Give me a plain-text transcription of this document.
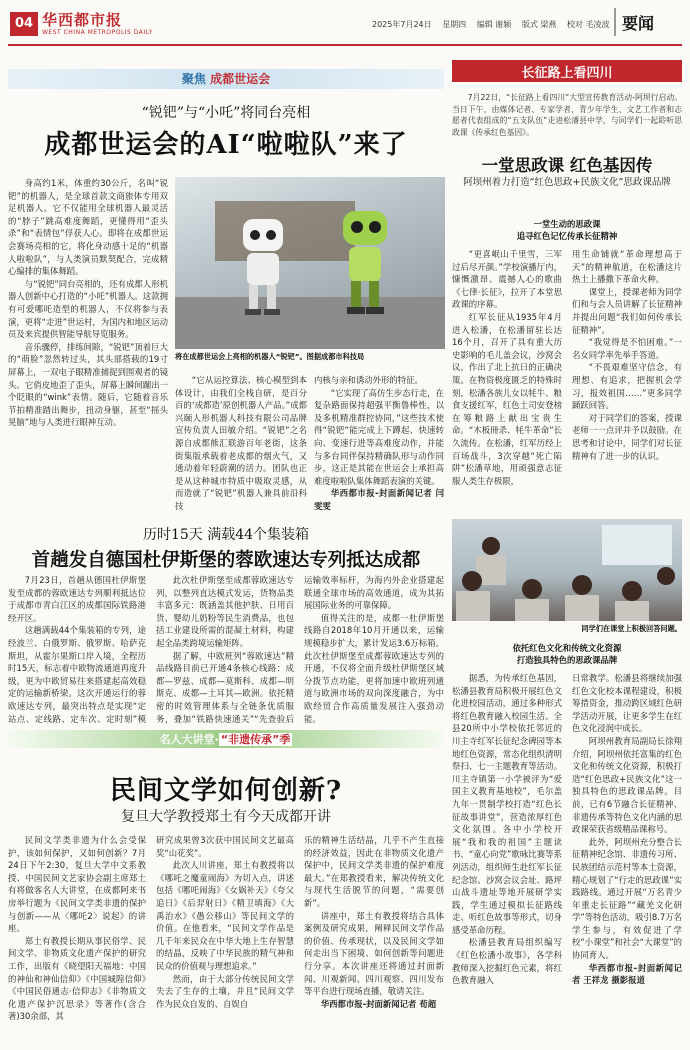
04 华西都市报
WEST CHINA METROPOLIS DAILY
2025年7月24日 星期四 编辑 谢颖 版式 梁燕 校对 毛凌波 要闻
聚焦 成都世运会
“锐钯”与“小吒”将同台亮相
成都世运会的AI“啦啦队”来了

身高约1米，体重约30公斤，名叫“锐钯”的机器人，是全球首款文商旅体专用双足机器人。它不仅能用全球机器人最灵活的“脖子”跳高难度舞蹈，更懂得用“歪头杀”和“表情包”俘获人心。即将在成都世运会赛场亮相的它，将化身动感十足的“机器人啦啦队”，与人类演员默契配合，完成精心编排的集体舞蹈。

与“锐钯”同台亮相的，还有成都人形机器人创新中心打造的“小吒”机器人。这款拥有可爱哪吒造型的机器人，不仅将参与表演，更将“走进”世运村，为国内和地区运动员及来宾提供智能导航导览服务。

音乐骤停，排练间隙，“锐钯”顶着巨大的“萌脸”忽然转过头，其头部搭载的19寸屏幕上，一双电子眼精准捕捉到围观者的镜头。它俏皮地歪了歪头，屏幕上瞬间蹦出一个眨眼的“wink”表情。随后，它随着音乐节拍精准踏出舞步，扭动身躯，甚至“摇头晃脑”地与人类进行眼神互动。

将在成都世运会上亮相的机器人“锐钯”。图据成都市科技局

“它从运控算法、核心模型到本体设计，由我们全栈自研，是百分百的‘成都造’原创机器人产品。”成都兴颐人形机器人科技有限公司品牌宣传负责人田敏介绍。“锐钯”之名源自成都熊汇联游百年老街，这条街集版承载着老成都的烟火气，又通动着年轻蔚潮的活力。团队也正是从这种城市特质中吸取灵感，从而造就了“锐钯”机器人兼具前沿科技

内核与亲和诱动外形的特征。

“它实现了高仿生步态行走，在复杂路面保持超强平衡鲁棒性，以及多机精准群控协同，”这些技术使得“锐钯”能完成上下蹲起、快速转向、变速行进等高难度动作，并能与多台同伴保持精确队形与动作同步，这正是其能在世运会上承担高难度啦啦队集体舞蹈表演的关键。

华西都市报-封面新闻记者 闫雯雯

历时15天 满载44个集装箱
首趟发自德国杜伊斯堡的蓉欧速达专列抵达成都

7月23日，首趟从德国杜伊斯堡发至成都的蓉欧速达专列顺利抵达位于成都市青白江区的成都国际铁路港经开区。

这趟满载44个集装箱的专列，途经波兰、白俄罗斯、俄罗斯、哈萨克斯坦，从霍尔果斯口岸入境，全程历时15天，标志着中欧物流通道再度升级，更为中欧贸易往来搭建起高效稳定的运输新桥梁。这次开通运行的蓉欧速达专列，最突出特点是实现“定站点、定线路、定车次、定时刻”模

此次杜伊斯堡至成都蓉欧速达专列，以整列直达模式发运，货物品类丰富多元：既涵盖其他护肤、日用百货、婴幼儿奶粉等民生消费品，也包括工业建设所需的混凝土材料，构建起全品类跨境运输矩阵。

据了解，中欧班列“蓉欧速达”精品线路目前已开通4条核心线路：成都—罗兹、成都—莫斯科、成都—明斯克、成都—土耳其—欧洲。依托精密的时效管理体系与全链条优质服务，叠加“铁路快速通关”“先查验后

运输效率标杆，为海内外企业搭建起联通全球市场的高效通道，成为其拓展国际业务的可靠保障。

值得关注的是，成都一杜伊斯堡线路自2018年10月开通以来，运输规模稳步扩大，累计发运3.6万标箱。此次杜伊斯堡至成都蓉欧速达专列的开通，不仅将全面升级杜伊斯堡区域分拨节点功能，更将加速中欧班列通道与欧洲市场的双向深度融合，为中欧经贸合作高质量发展注入强劲动能。

名人大讲堂· “非遗传承”季
民间文学如何创新?
复旦大学教授郑土有今天成都开讲

民间文学类非遗为什么会受保护，该如何保护，又如何创新？7月24日下午2:30，复旦大学中文系教授、中国民间文艺家协会副主席郑土有将做客名人大讲堂，在成都阿来书房举行题为《民间文学类非遗的保护与创新——从〈哪吒2〉说起》的讲座。

郑土有教授长期从事民俗学、民间文学、非物质文化遗产保护的研究工作，出版有《晓望阳天福地：中国的神仙和神仙信仰》《中国城隍信仰》《中国民俗通志·信仰志》《非物质文化遗产保护沉思录》等著作(含合著)30余部，其

研究成果曾3次获中国民间文艺最高奖“山花奖”。

此次人川讲座，郑土有教授将以《哪吒之魔童闹海》为切入点，讲述包括《哪吒闹海》《女娲补天》《夸父追日》《后羿射日》《精卫填海》《大禹治水》《愚公移山》等民间文学的价值。在他看来，“民间文学作品是几千年来民众在中华大地上生存智慧的结晶，反映了中华民族的精气神和民众的价值观与理想追求。”

然而，由于大部分传统民间文学失去了生存的土壤，并且“民间文学作为民众自发的、自娱自

乐的精神生活结晶，几乎不产生直接的经济效益，因此在非物质文化遗产保护中，民间文学类非遗的保护难度最大。”在郑教授看来，解决传统文化与现代生活脱节的问题，“需要创新”。

讲座中，郑土有教授将结合具体案例及研究成果，阐释民间文学作品的价值、传承现状，以及民间文学如何走出当下困境、如何创新等问题进行分享。本次讲座还将通过封面新闻、川观新闻、四川观察、四川发布等平台进行现场直播，敬请关注。

华西都市报-封面新闻记者 荀超

长征路上看四川
7月22日，“长征路上看四川”大型宣传教育活动-阿坝行启动。当日下午，由媒体记者、专家学者、青少年学生、文艺工作者和志愿者代表组成的“五支队伍”走进松潘县中学，与同学们一起聆听思政课《传承红色基因》。
一堂思政课 红色基因传
阿坝州着力打造“红色思政+民族文化”思政课品牌
一堂生动的思政课
追寻红色记忆传承长征精神

“更喜岷山千里雪，三军过后尽开颜。”学校演播厅内，慷慨激昂、震撼人心的歌曲《七律·长征》，拉开了本堂思政课的序幕。

红军长征从1935年4月进入松潘，在松潘留驻长达16个月，召开了具有重大历史影响的毛儿盖会议，沙窝会议，作出了北上抗日的正确决策。在物资极度匮乏的特殊时刻，松潘各族儿女以牦牛、粮食支援红军，红色土司安登榜在筹粮路上献出宝贵生命。“木板冊杀、牦牛革命”长久流传。在松潘，红军历经上百场战斗，3次穿越“死亡陷阱”松潘草地，用顽强意志征服人类生存极限，

用生命铺就“革命理想高于天”的精神航道，在松潘这片热土上播撒下革命火种。

课堂上，授课老师为同学们和与会人员讲解了长征精神并提出问题“我们如何传承长征精神”。

“我觉得是不怕困难。”一名女同学率先举手答道。

“不畏艰难坚守信念，有理想、有追求，把握机会学习，报效祖国……”更多同学踊跃回答。

对于同学们的答案，授课老师一一点评并予以鼓励。在思考和讨论中，同学们对长征精神有了进一步的认识。

同学们在课堂上积极回答问题。
依托红色文化和传统文化资源
打造独具特色的思政课品牌

据悉，为传承红色基因，松潘县教育局积极开展红色文化进校园活动，通过多种形式将红色教育融入校园生活。全县20所中小学校依托邻近的川主寺红军长征纪念碑园等本地红色资源，常态化组织清明祭扫、七一主题教育等活动。川主寺镇第一小学被评为“爱国主义教育基地校”，毛尔盖九年一贯制学校打造“红色长征故事讲堂”，营造浓厚红色文化氛围。各中小学校开展“我和我的祖国”主题读书、“童心向党”歌咏比赛等系列活动，组织师生赴红军长征纪念馆、沙窝会议会址、路坪山战斗遗址等地开展研学实践，学生通过模拟长征路线走、听红色故事等形式，切身感受革命历程。

松潘县教育局组织编写《红色松潘小故事》，各学科教师深入挖掘红色元素，将红色教育融入

日常教学。松潘县将继续加强红色文化校本课程建设，积极筹措资金，推动跨区域红色研学活动开展，让更多学生在红色文化浸润中成长。

阿坝州教育局副局长徐翔介绍，阿坝州依托富集的红色文化和传统文化资源，积极打造“红色思政+民族文化”这一独具特色的思政课品牌。目前，已有6节融合长征精神、非遗传承等特色文化内涵的思政课荣获省级精品课称号。

此外，阿坝州充分整合长征精神纪念馆、非遗传习所、民族团结示范村等本土资源，精心规划了“行走的思政课”实践路线。通过开展“万名青少年重走长征路”“藏羌文化研学”等特色活动，吸引8.7万名学生参与，有效促进了学校“小课堂”和社会“大课堂”的协同育人。

华西都市报-封面新闻记者 王祥龙 摄影报道
